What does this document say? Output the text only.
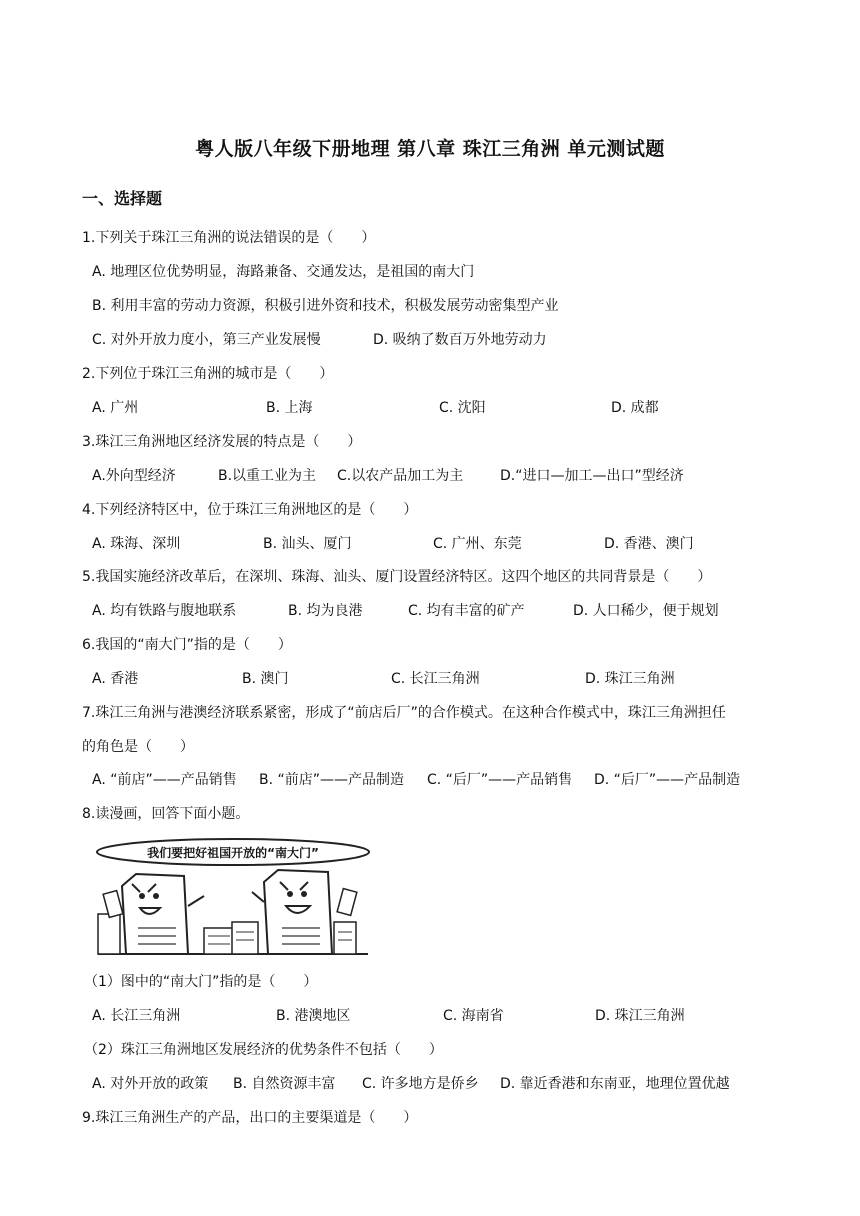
粤人版八年级下册地理 第八章 珠江三角洲 单元测试题
一、选择题
1.下列关于珠江三角洲的说法错误的是（　　）
A. 地理区位优势明显，海路兼备、交通发达，是祖国的南大门
B. 利用丰富的劳动力资源，积极引进外资和技术，积极发展劳动密集型产业
C. 对外开放力度小，第三产业发展慢	D. 吸纳了数百万外地劳动力
2.下列位于珠江三角洲的城市是（　　）
A. 广州	B. 上海	C. 沈阳	D. 成都
3.珠江三角洲地区经济发展的特点是（　　）
A.外向型经济	B.以重工业为主 C.以农产品加工为主	D.“进口—加工—出口”型经济
4.下列经济特区中，位于珠江三角洲地区的是（　　）
A. 珠海、深圳	B. 汕头、厦门	C. 广州、东莞	D. 香港、澳门
5.我国实施经济改革后，在深圳、珠海、汕头、厦门设置经济特区。这四个地区的共同背景是（　　）
A. 均有铁路与腹地联系	B. 均为良港	C. 均有丰富的矿产	D. 人口稀少，便于规划
6.我国的“南大门”指的是（　　）
A. 香港	B. 澳门	C. 长江三角洲	D. 珠江三角洲
7.珠江三角洲与港澳经济联系紧密，形成了“前店后厂”的合作模式。在这种合作模式中，珠江三角洲担任
的角色是（　　）
A. “前店”——产品销售 B. “前店”——产品制造 C. “后厂”——产品销售 D. “后厂”——产品制造
8.读漫画，回答下面小题。
我们要把好祖国开放的“南大门”
（1）图中的“南大门”指的是（　　）
A. 长江三角洲	B. 港澳地区	C. 海南省	D. 珠江三角洲
（2）珠江三角洲地区发展经济的优势条件不包括（　　）
A. 对外开放的政策 B. 自然资源丰富 C. 许多地方是侨乡 D. 靠近香港和东南亚，地理位置优越
9.珠江三角洲生产的产品，出口的主要渠道是（　　）
